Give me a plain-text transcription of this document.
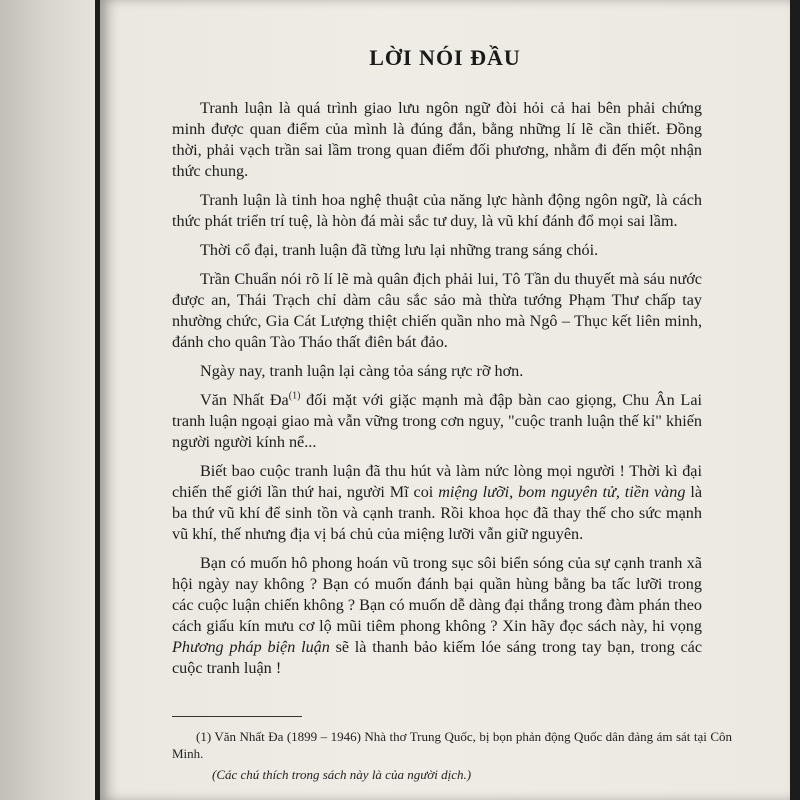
LỜI NÓI ĐẦU

Tranh luận là quá trình giao lưu ngôn ngữ đòi hỏi cả hai bên phải chứng minh được quan điểm của mình là đúng đắn, bằng những lí lẽ cần thiết. Đồng thời, phải vạch trần sai lầm trong quan điểm đối phương, nhằm đi đến một nhận thức chung.

Tranh luận là tinh hoa nghệ thuật của năng lực hành động ngôn ngữ, là cách thức phát triển trí tuệ, là hòn đá mài sắc tư duy, là vũ khí đánh đổ mọi sai lầm.

Thời cổ đại, tranh luận đã từng lưu lại những trang sáng chói.

Trần Chuẩn nói rõ lí lẽ mà quân địch phải lui, Tô Tần du thuyết mà sáu nước được an, Thái Trạch chỉ dàm câu sắc sảo mà thừa tướng Phạm Thư chấp tay nhường chức, Gia Cát Lượng thiệt chiến quần nho mà Ngô – Thục kết liên minh, đánh cho quân Tào Tháo thất điên bát đảo.

Ngày nay, tranh luận lại càng tỏa sáng rực rỡ hơn.

Văn Nhất $Đa^{(1)}$ đối mặt với giặc mạnh mà đập bàn cao giọng, Chu Ân Lai tranh luận ngoại giao mà vẫn vững trong cơn nguy, "cuộc tranh luận thế kỉ" khiến người người kính nể...

Biết bao cuộc tranh luận đã thu hút và làm nức lòng mọi người ! Thời kì đại chiến thế giới lần thứ hai, người Mĩ coi miệng lưỡi, bom nguyên tử, tiền vàng là ba thứ vũ khí để sinh tồn và cạnh tranh. Rồi khoa học đã thay thế cho sức mạnh vũ khí, thế nhưng địa vị bá chủ của miệng lưỡi vẫn giữ nguyên.

Bạn có muốn hô phong hoán vũ trong sục sôi biển sóng của sự cạnh tranh xã hội ngày nay không ? Bạn có muốn đánh bại quần hùng bằng ba tấc lưỡi trong các cuộc luận chiến không ? Bạn có muốn dễ dàng đại thắng trong đàm phán theo cách giấu kín mưu cơ lộ mũi tiêm phong không ? Xin hãy đọc sách này, hi vọng Phương pháp biện luận sẽ là thanh bảo kiếm lóe sáng trong tay bạn, trong các cuộc tranh luận !

(1) Văn Nhất Đa (1899 – 1946) Nhà thơ Trung Quốc, bị bọn phản động Quốc dân đảng ám sát tại Côn Minh.

(Các chú thích trong sách này là của người dịch.)
